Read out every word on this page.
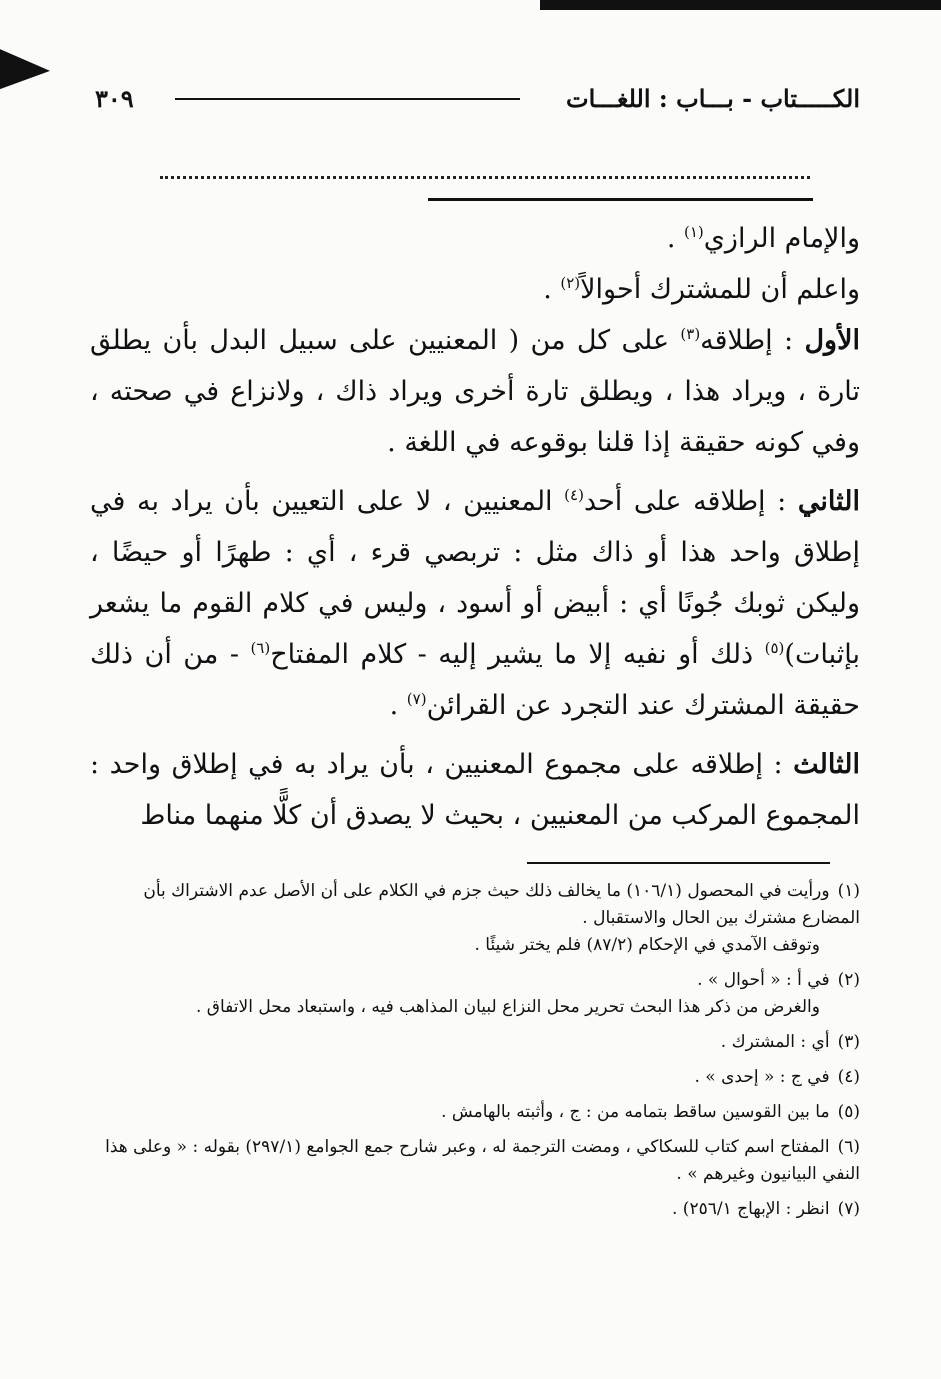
الكـــــتاب - بـــاب : اللغـــات
٣٠٩

والإمام الرازي$^{(١)}$ .

واعلم أن للمشترك أحوالاً$^{(٢)}$ .

الأول : إطلاقه$^{(٣)}$ على كل من ( المعنيين على سبيل البدل بأن يطلق تارة ، ويراد هذا ، ويطلق تارة أخرى ويراد ذاك ، ولانزاع في صحته ، وفي كونه حقيقة إذا قلنا بوقوعه في اللغة .

الثاني : إطلاقه على أحد$^{(٤)}$ المعنيين ، لا على التعيين بأن يراد به في إطلاق واحد هذا أو ذاك مثل : تربصي قرء ، أي : طهرًا أو حيضًا ، وليكن ثوبك جُونًا أي : أبيض أو أسود ، وليس في كلام القوم ما يشعر بإثبات)$^{(٥)}$ ذلك أو نفيه إلا ما يشير إليه - كلام المفتاح$^{(٦)}$ - من أن ذلك حقيقة المشترك عند التجرد عن القرائن$^{(٧)}$ .

الثالث : إطلاقه على مجموع المعنيين ، بأن يراد به في إطلاق واحد : المجموع المركب من المعنيين ، بحيث لا يصدق أن كلًّا منهما مناط

(١)ورأيت في المحصول (١٠٦/١) ما يخالف ذلك حيث جزم في الكلام على أن الأصل عدم الاشتراك بأن المضارع مشترك بين الحال والاستقبال .
وتوقف الآمدي في الإحكام (٨٧/٢) فلم يختر شيئًا .
(٢)في أ : « أحوال » .
والغرض من ذكر هذا البحث تحرير محل النزاع لبيان المذاهب فيه ، واستبعاد محل الاتفاق .
(٣)أي : المشترك .
(٤)في ج : « إحدى » .
(٥)ما بين القوسين ساقط بتمامه من : ج ، وأثبته بالهامش .
(٦)المفتاح اسم كتاب للسكاكي ، ومضت الترجمة له ، وعبر شارح جمع الجوامع (٢٩٧/١) بقوله : « وعلى هذا النفي البيانيون وغيرهم » .
(٧)انظر : الإبهاج ٢٥٦/١) .
